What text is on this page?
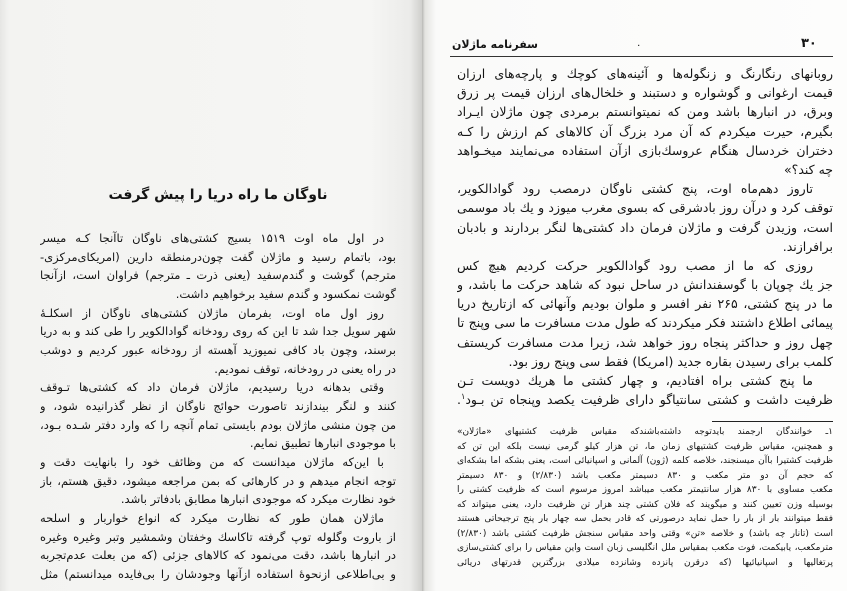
سفرنامه ماژلان	۰	۳۰
روبانهای رنگارنگ و زنگوله‌ها و آئینه‌های کوچك و پارچه‌های ارزان
قیمت ارغوانی و گوشواره و دستبند و خلخال‌های ارزان قیمت پر زرق
وبرق، در انبارها باشد ومن که نمیتوانستم برمردی چون ماژلان ایـراد
بگیرم، حیرت میکردم که آن مرد بزرگ آن کالاهای کم ارزش را کـه
دختران خردسال هنگام عروسك‌بازی ازآن استفاده می‌نمایند میخـواهد
چه کند؟»
تاروز دهم‌ماه اوت، پنج کشتی ناوگان درمصب رود گوادالکویر،
توقف کرد و درآن روز بادشرقی که بسوی مغرب میوزد و یك باد موسمی
است، وزیدن گرفت و ماژلان فرمان داد کشتی‌ها لنگر بردارند و بادبان
برافرازند.
روزی که ما از مصب رود گوادالکویر حرکت کردیم هیچ کس
جز یك چوپان با گوسفندانش در ساحل نبود که شاهد حرکت ما باشد، و
ما در پنج کشتی، ۲۶۵ نفر افسر و ملوان بودیم وآنهائی که ازتاریخ دریا
پیمائی اطلاع داشتند فکر میکردند که طول مدت مسافرت ما سی وپنج تا
چهل روز و حداکثر پنجاه روز خواهد شد، زیرا مدت مسافرت کریستف
کلمب برای رسیدن بقاره جدید (امریکا) فقط سی وپنج روز بود.
ما پنج کشتی براه افتادیم، و چهار کشتی ما هریك دویست تـن
ظرفیت داشت و کشتی سانتیاگو دارای ظرفیت یکصد وپنجاه تن بـود$^۱$.
۱ـ خوانندگان ارجمند بایدتوجه داشته‌باشندکه مقیاس ظرفیت کشتیهای «ماژلان»
و همچنین، مقیاس ظرفیت کشتیهای زمان ما، تن هزار کیلو گرمی نیست بلکه این تن که
ظرفیت کشتیرا باآن میسنجند، خلاصه کلمه (ژون) آلمانی و اسپانیائی است، یعنی بشکه اما بشکه‌ای
که حجم آن دو متر مکعب و ۸۳۰ دسیمتر مکعب باشد (۲/۸۳۰) و ۸۳۰ دسیمتر
مکعب مساوی با ۸۳۰ هزار سانتیمتر مکعب میباشد امروز مرسوم است که ظرفیت کشتی را
بوسیله وزن تعیین کنند و میگویند که فلان کشتی چند هزار تن ظرفیت دارد، یعنی میتواند که
فقط میتوانند بار از بار را حمل نماید درصورتی که قادر بحمل سه چهار بار پنج ترجیحاتی هستند
است (تانار چه باشد) و خلاصه «تن» وقتی واحد مقیاس سنجش ظرفیت کشتی باشد (۲/۸۳۰)
مترمکعب، یابیکمت، فوت مکعب بمقیاس ملل انگلیسی زبان است واین مقیاس را برای کشتی‌سازی
پرتغالیها و اسپانیائیها (که درقرن پانزده وشانزده میلادی بزرگترین قدرتهای دریائی
ناوگان ما راه دریا را پیش گرفت
در اول ماه اوت ۱۵۱۹ بسیج کشتی‌های ناوگان تاآنجا کـه میسر
بود، باتمام رسید و ماژلان گفت چون‌درمنطقه دارین (امریکای‌مرکزی-
مترجم) گوشت و گندم‌سفید (یعنی ذرت ـ مترجم) فراوان است، ازآنجا
گوشت نمکسود و گندم سفید برخواهیم داشت.
روز اول ماه اوت، بفرمان ماژلان کشتی‌های ناوگان از اسکلـهٔ
شهر سویل جدا شد تا این که روی رودخانه گوادالکویر را طی کند و به دریا
برسند، وچون باد کافی نمیوزید آهسته از رودخانه عبور کردیم و دوشب
در راه یعنی در رودخانه، توقف نمودیم.
وقتی بدهانه دریا رسیدیم، ماژلان فرمان داد که کشتی‌ها تـوقف
کنند و لنگر بیندازند تاصورت حوائج ناوگان از نظر گذرانیده شود، و
من چون منشی ماژلان بودم بایستی تمام آنچه را که وارد دفتر شـده بـود،
با موجودی انبارها تطبیق نمایم.
با این‌که ماژلان میدانست که من وظائف خود را بانهایت دقت و
توجه انجام میدهم و در کارهائی که بمن مراجعه میشود، دقیق هستم، باز
خود نظارت میکرد که موجودی انبارها مطابق بادفاتر باشد.
ماژلان همان طور که نظارت میکرد که انواع خواربار و اسلحه
از باروت وگلوله توپ گرفته تاکاسك وخفتان وشمشیر وتبر وغیره وغیره
در انبارها باشد، دقت می‌نمود که کالاهای جزئی (که من بعلت عدم‌تجربه
و بی‌اطلاعی ازنحوهٔ استفاده ازآنها وجودشان را بی‌فایده میدانستم) مثل
